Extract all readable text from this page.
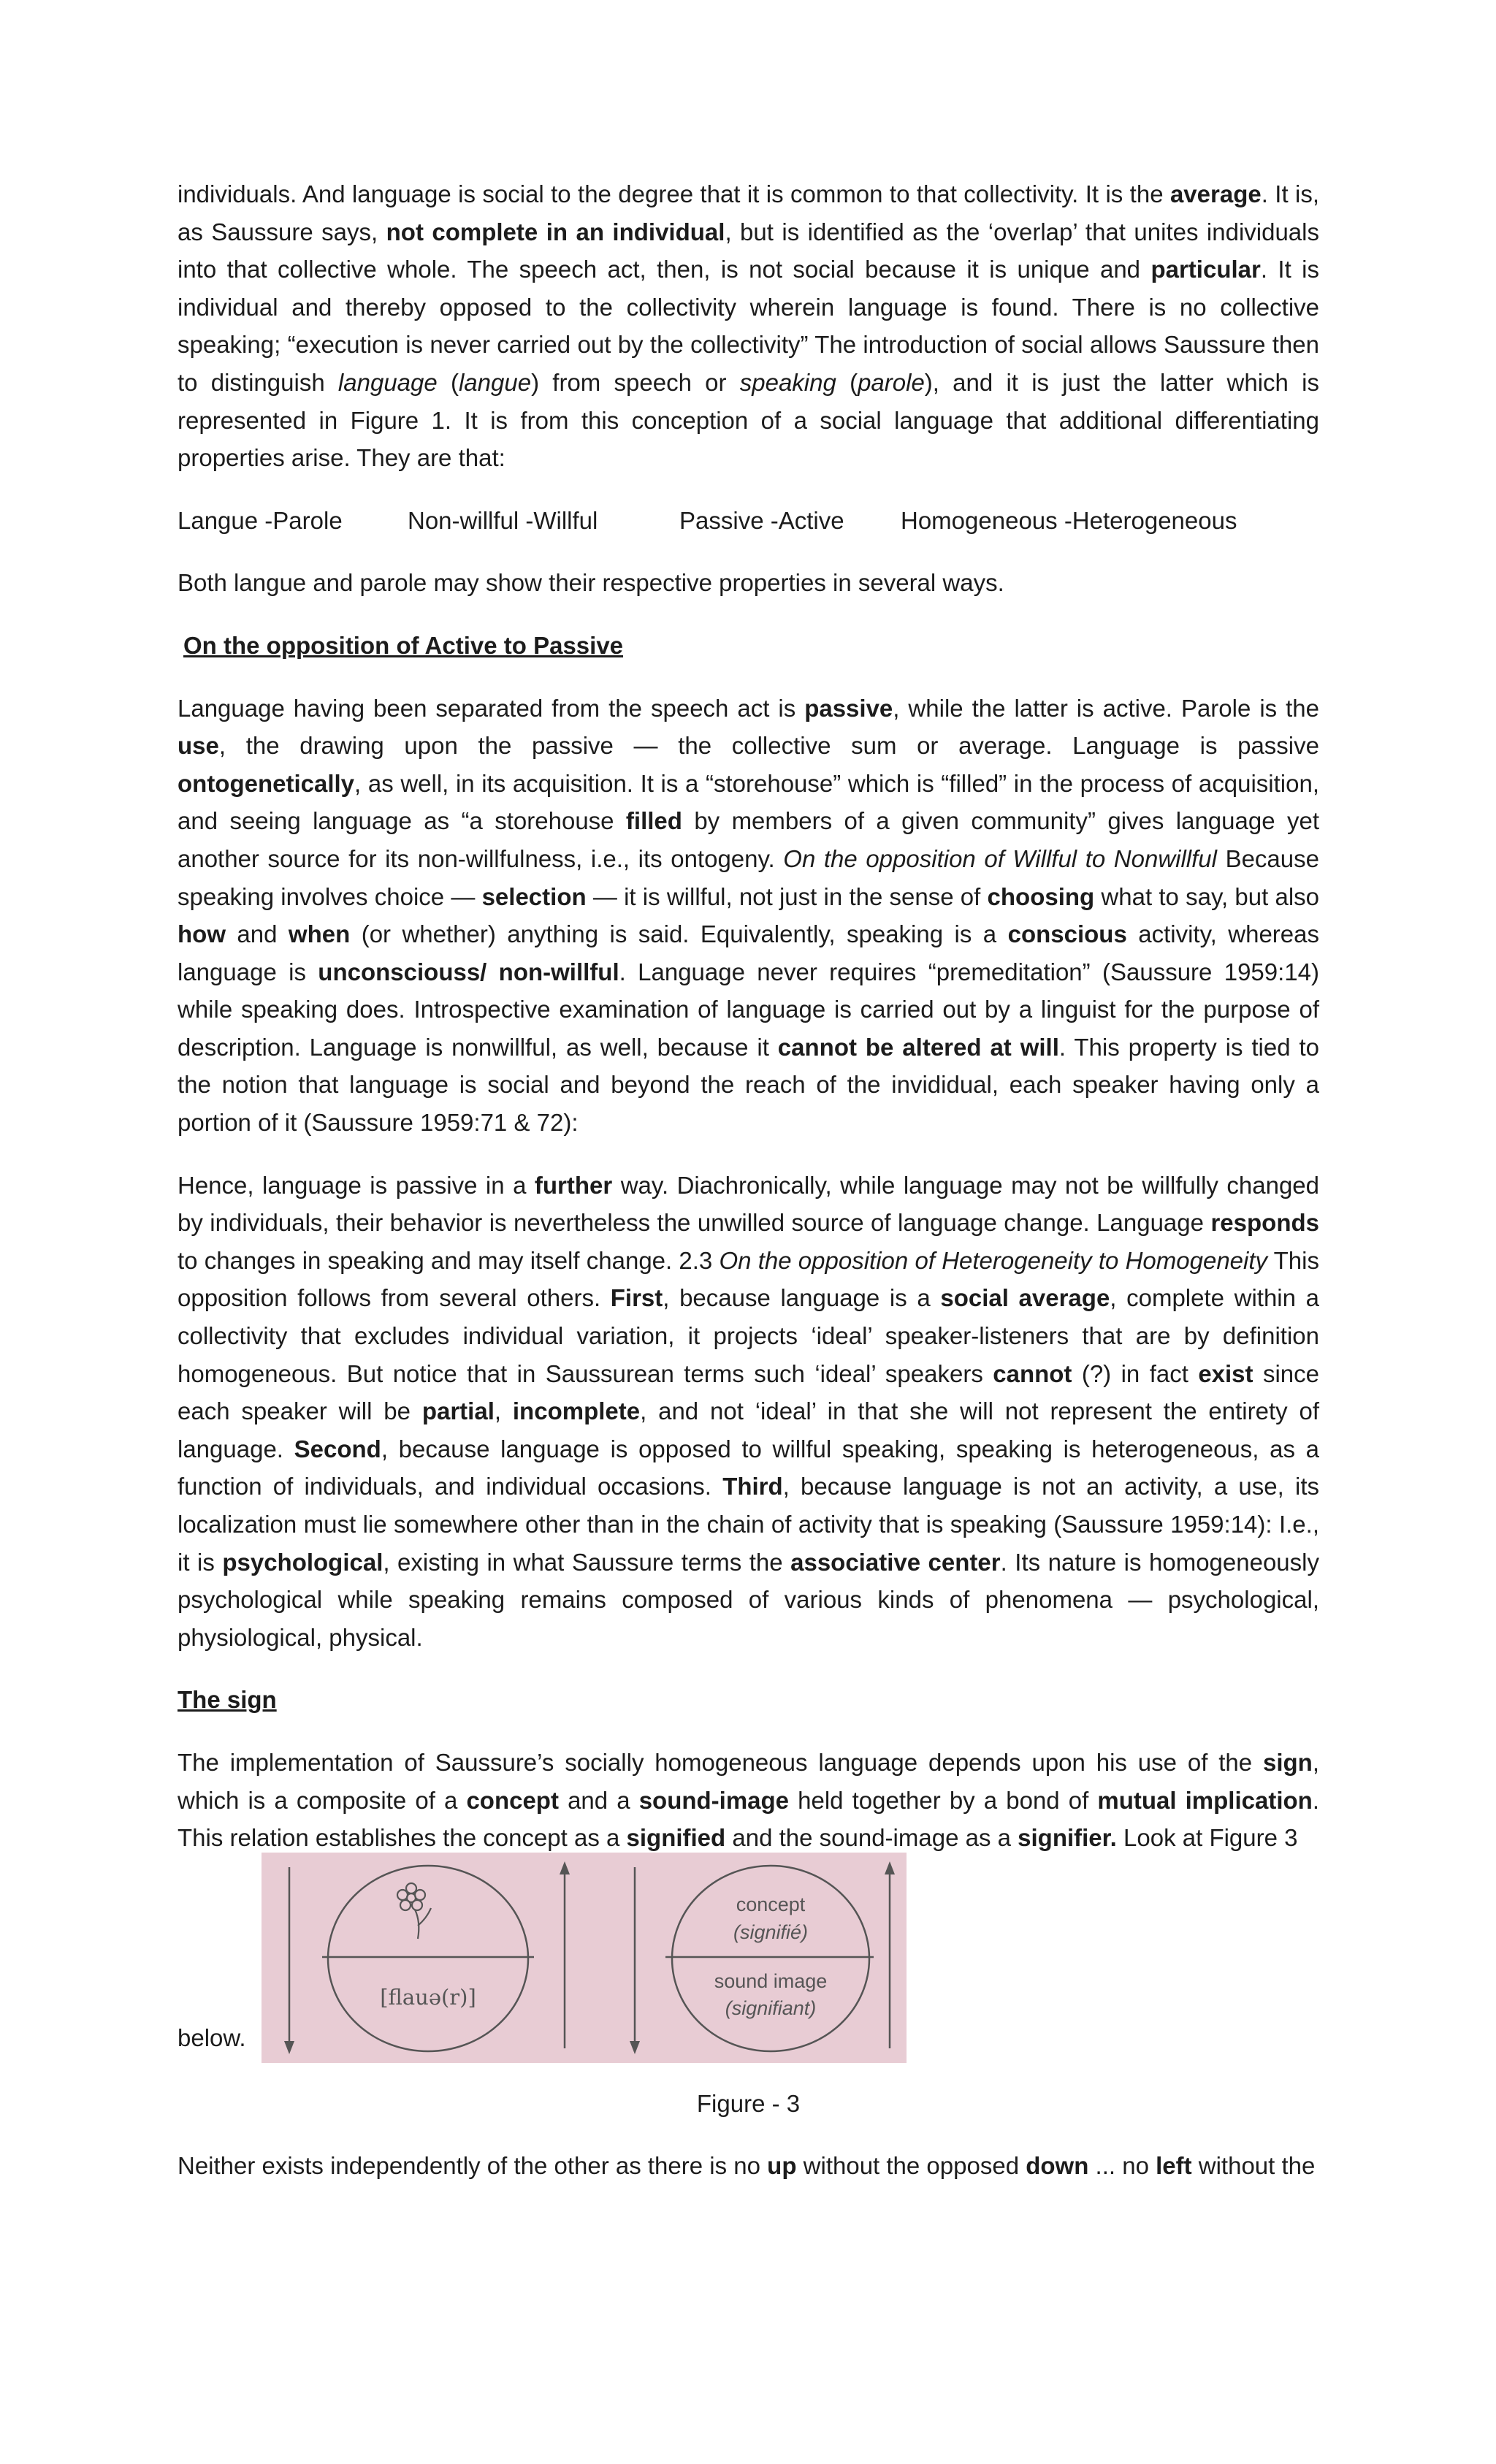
individuals. And language is social to the degree that it is common to that collectivity. It is the average. It is, as Saussure says, not complete in an individual, but is identified as the ‘overlap’ that unites individuals into that collective whole. The speech act, then, is not social because it is unique and particular. It is individual and thereby opposed to the collectivity wherein language is found. There is no collective speaking; “execution is never carried out by the collectivity” The introduction of social allows Saussure then to distinguish language (langue) from speech or speaking (parole), and it is just the latter which is represented in Figure 1. It is from this conception of a social language that additional differentiating properties arise. They are that:

Langue -Parole	Non-willful -Willful	Passive -Active	Homogeneous -Heterogeneous

Both langue and parole may show their respective properties in several ways.

On the opposition of Active to Passive

Language having been separated from the speech act is passive, while the latter is active. Parole is the use, the drawing upon the passive — the collective sum or average. Language is passive ontogenetically, as well, in its acquisition. It is a “storehouse” which is “filled” in the process of acquisition, and seeing language as “a storehouse filled by members of a given community” gives language yet another source for its non-willfulness, i.e., its ontogeny. On the opposition of Willful to Nonwillful Because speaking involves choice — selection — it is willful, not just in the sense of choosing what to say, but also how and when (or whether) anything is said. Equivalently, speaking is a conscious activity, whereas language is unconsciouss/ non-willful. Language never requires “premeditation” (Saussure 1959:14) while speaking does. Introspective examination of language is carried out by a linguist for the purpose of description. Language is nonwillful, as well, because it cannot be altered at will. This property is tied to the notion that language is social and beyond the reach of the invididual, each speaker having only a portion of it (Saussure 1959:71 & 72):

Hence, language is passive in a further way. Diachronically, while language may not be willfully changed by individuals, their behavior is nevertheless the unwilled source of language change. Language responds to changes in speaking and may itself change. 2.3 On the opposition of Heterogeneity to Homogeneity This opposition follows from several others. First, because language is a social average, complete within a collectivity that excludes individual variation, it projects ‘ideal’ speaker-listeners that are by definition homogeneous. But notice that in Saussurean terms such ‘ideal’ speakers cannot (?) in fact exist since each speaker will be partial, incomplete, and not ‘ideal’ in that she will not represent the entirety of language. Second, because language is opposed to willful speaking, speaking is heterogeneous, as a function of individuals, and individual occasions. Third, because language is not an activity, a use, its localization must lie somewhere other than in the chain of activity that is speaking (Saussure 1959:14): I.e., it is psychological, existing in what Saussure terms the associative center. Its nature is homogeneously psychological while speaking remains composed of various kinds of phenomena — psychological, physiological, physical.

The sign

The implementation of Saussure’s socially homogeneous language depends upon his use of the sign, which is a composite of a concept and a sound-image held together by a bond of mutual implication. This relation establishes the concept as a signified and the sound-image as a signifier. Look at Figure 3

below.
[flauə(r)]
concept
(signifié)
sound image
(signifiant)
Figure - 3

Neither exists independently of the other as there is no up without the opposed down ... no left without the
